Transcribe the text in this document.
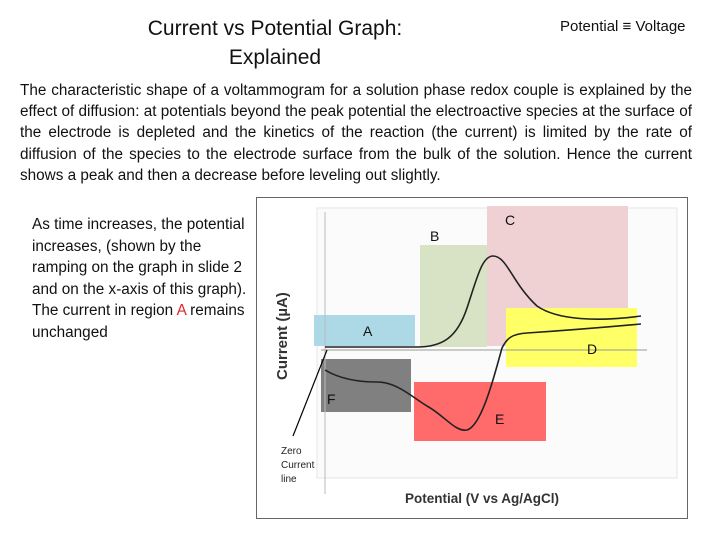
Current vs Potential Graph:
Explained
Potential ≡ Voltage
The characteristic shape of a voltammogram for a solution phase redox couple is explained by the effect of diffusion: at potentials beyond the peak potential the electroactive species at the surface of the electrode is depleted and the kinetics of the reaction (the current) is limited by the rate of diffusion of the species to the electrode surface from the bulk of the solution. Hence the current shows a peak and then a decrease before leveling out slightly.
As time increases, the potential increases, (shown by the ramping on the graph in slide 2 and on the x-axis of this graph). The current in region A remains unchanged
B
C
D
A
E
F
Current (µA)
Potential (V vs Ag/AgCl)
Zero
Current
line
